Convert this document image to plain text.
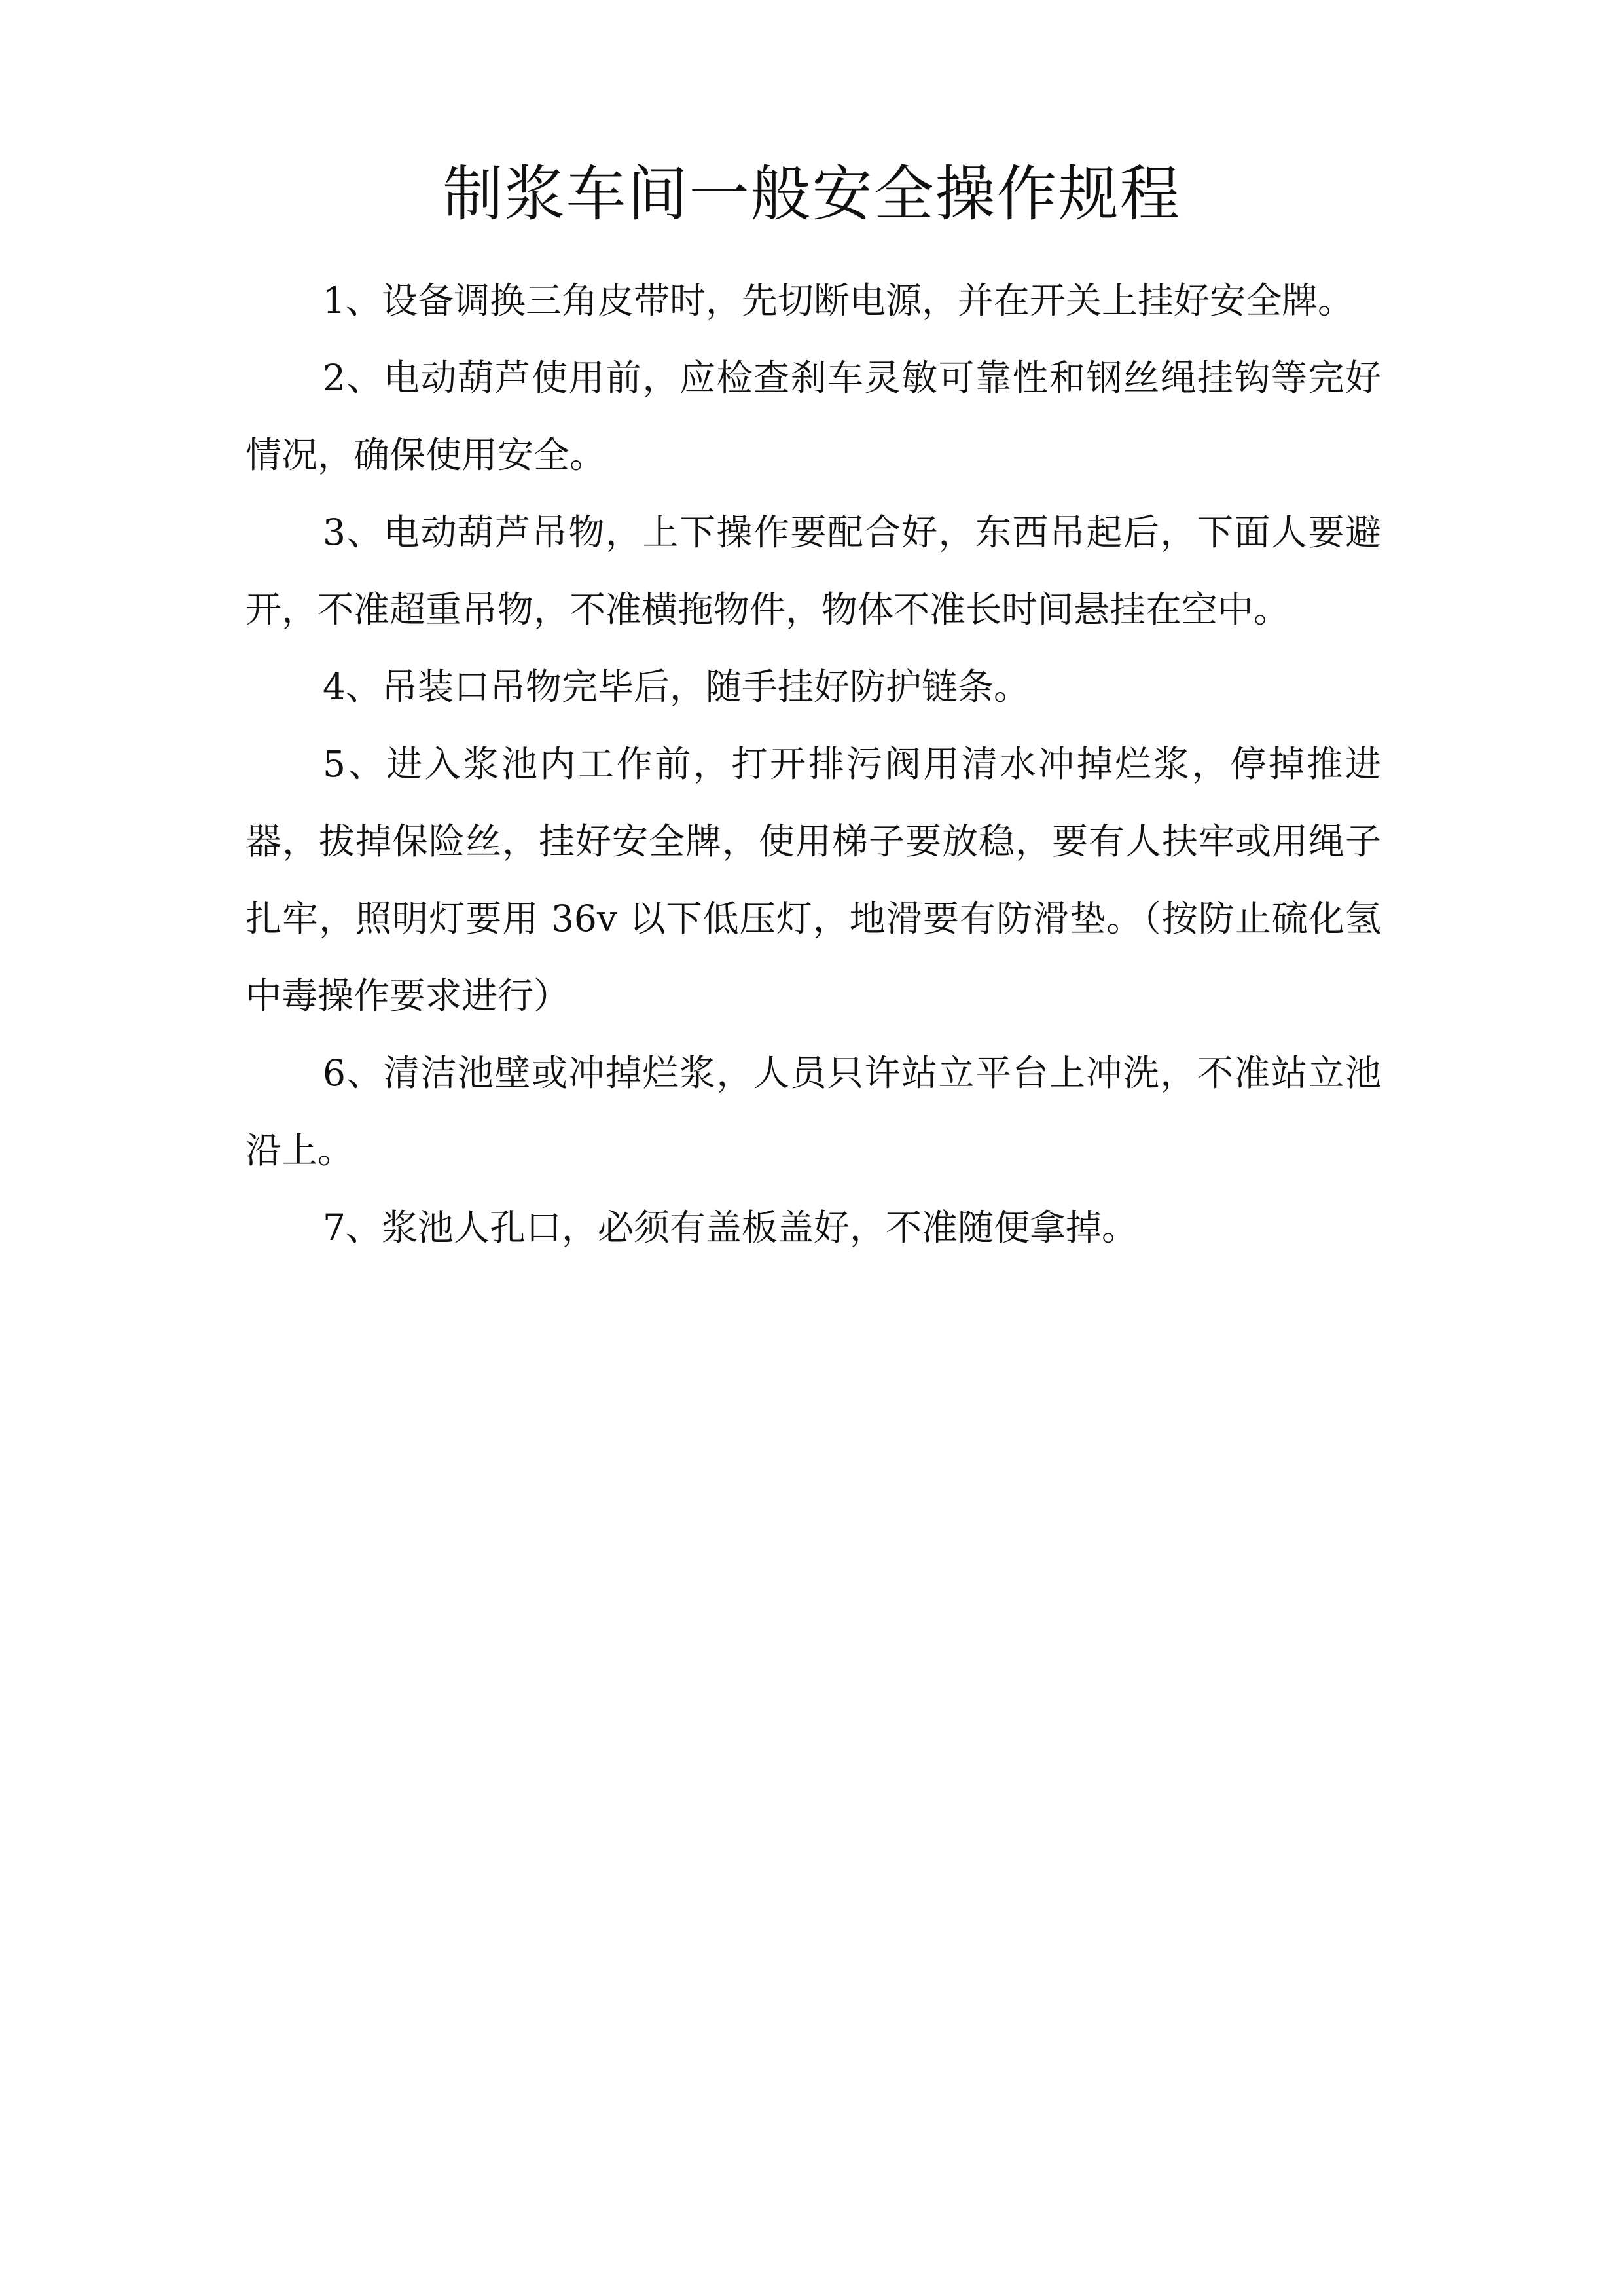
制浆车间一般安全操作规程

1、设备调换三角皮带时，先切断电源，并在开关上挂好安全牌。

2、电动葫芦使用前，应检查刹车灵敏可靠性和钢丝绳挂钩等完好情况，确保使用安全。

3、电动葫芦吊物，上下操作要配合好，东西吊起后，下面人要避开，不准超重吊物，不准横拖物件，物体不准长时间悬挂在空中。

4、吊装口吊物完毕后，随手挂好防护链条。

5、进入浆池内工作前，打开排污阀用清水冲掉烂浆，停掉推进器，拔掉保险丝，挂好安全牌，使用梯子要放稳，要有人扶牢或用绳子扎牢，照明灯要用 36v 以下低压灯，地滑要有防滑垫。（按防止硫化氢中毒操作要求进行）

6、清洁池壁或冲掉烂浆，人员只许站立平台上冲洗，不准站立池沿上。

7、浆池人孔口，必须有盖板盖好，不准随便拿掉。
